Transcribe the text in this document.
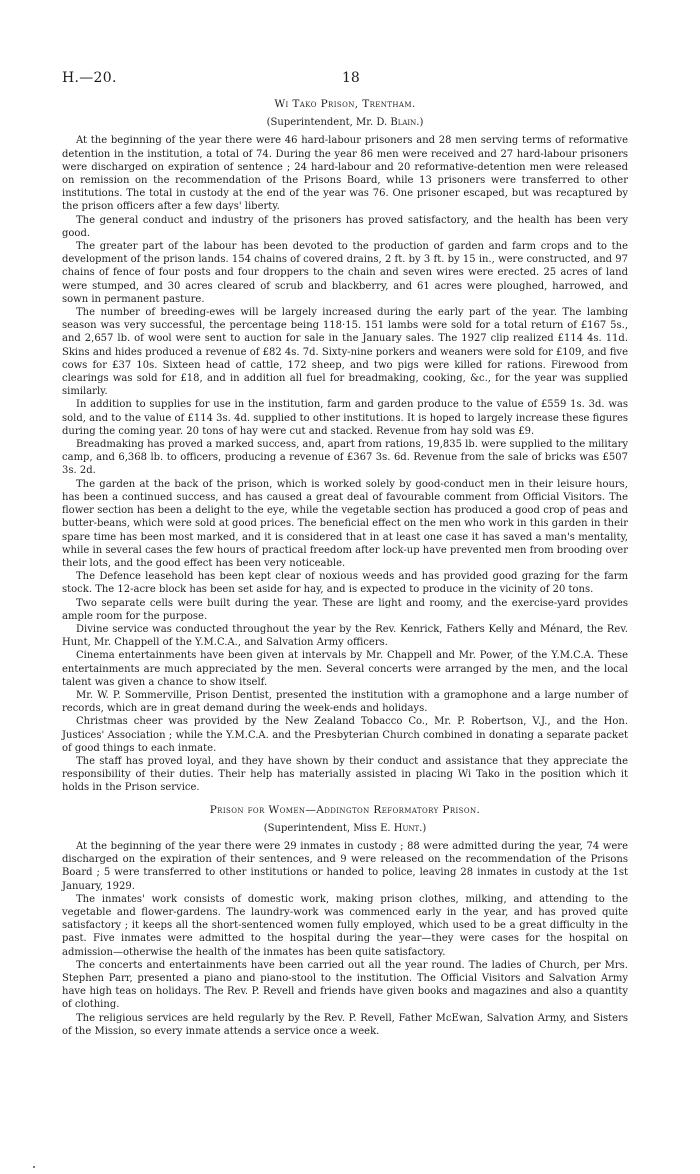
H.—20.	18
Wi Tako Prison, Trentham.
(Superintendent, Mr. D. Blain.)

At the beginning of the year there were 46 hard-labour prisoners and 28 men serving terms of reformative detention in the institution, a total of 74. During the year 86 men were received and 27 hard-labour prisoners were discharged on expiration of sentence ; 24 hard-labour and 20 reformative-detention men were released on remission on the recommendation of the Prisons Board, while 13 prisoners were transferred to other institutions. The total in custody at the end of the year was 76. One prisoner escaped, but was recaptured by the prison officers after a few days' liberty.

The general conduct and industry of the prisoners has proved satisfactory, and the health has been very good.

The greater part of the labour has been devoted to the production of garden and farm crops and to the development of the prison lands. 154 chains of covered drains, 2 ft. by 3 ft. by 15 in., were constructed, and 97 chains of fence of four posts and four droppers to the chain and seven wires were erected. 25 acres of land were stumped, and 30 acres cleared of scrub and blackberry, and 61 acres were ploughed, harrowed, and sown in permanent pasture.

The number of breeding-ewes will be largely increased during the early part of the year. The lambing season was very successful, the percentage being 118·15. 151 lambs were sold for a total return of £167 5s., and 2,657 lb. of wool were sent to auction for sale in the January sales. The 1927 clip realized £114 4s. 11d. Skins and hides produced a revenue of £82 4s. 7d. Sixty-nine porkers and weaners were sold for £109, and five cows for £37 10s. Sixteen head of cattle, 172 sheep, and two pigs were killed for rations. Firewood from clearings was sold for £18, and in addition all fuel for breadmaking, cooking, &c., for the year was supplied similarly.

In addition to supplies for use in the institution, farm and garden produce to the value of £559 1s. 3d. was sold, and to the value of £114 3s. 4d. supplied to other institutions. It is hoped to largely increase these figures during the coming year. 20 tons of hay were cut and stacked. Revenue from hay sold was £9.

Breadmaking has proved a marked success, and, apart from rations, 19,835 lb. were supplied to the military camp, and 6,368 lb. to officers, producing a revenue of £367 3s. 6d. Revenue from the sale of bricks was £507 3s. 2d.

The garden at the back of the prison, which is worked solely by good-conduct men in their leisure hours, has been a continued success, and has caused a great deal of favourable comment from Official Visitors. The flower section has been a delight to the eye, while the vegetable section has produced a good crop of peas and butter-beans, which were sold at good prices. The beneficial effect on the men who work in this garden in their spare time has been most marked, and it is considered that in at least one case it has saved a man's mentality, while in several cases the few hours of practical freedom after lock-up have prevented men from brooding over their lots, and the good effect has been very noticeable.

The Defence leasehold has been kept clear of noxious weeds and has provided good grazing for the farm stock. The 12-acre block has been set aside for hay, and is expected to produce in the vicinity of 20 tons.

Two separate cells were built during the year. These are light and roomy, and the exercise-yard provides ample room for the purpose.

Divine service was conducted throughout the year by the Rev. Kenrick, Fathers Kelly and Ménard, the Rev. Hunt, Mr. Chappell of the Y.M.C.A., and Salvation Army officers.

Cinema entertainments have been given at intervals by Mr. Chappell and Mr. Power, of the Y.M.C.A. These entertainments are much appreciated by the men. Several concerts were arranged by the men, and the local talent was given a chance to show itself.

Mr. W. P. Sommerville, Prison Dentist, presented the institution with a gramophone and a large number of records, which are in great demand during the week-ends and holidays.

Christmas cheer was provided by the New Zealand Tobacco Co., Mr. P. Robertson, V.J., and the Hon. Justices' Association ; while the Y.M.C.A. and the Presbyterian Church combined in donating a separate packet of good things to each inmate.

The staff has proved loyal, and they have shown by their conduct and assistance that they appreciate the responsibility of their duties. Their help has materially assisted in placing Wi Tako in the position which it holds in the Prison service.

Prison for Women—Addington Reformatory Prison.
(Superintendent, Miss E. Hunt.)

At the beginning of the year there were 29 inmates in custody ; 88 were admitted during the year, 74 were discharged on the expiration of their sentences, and 9 were released on the recommendation of the Prisons Board ; 5 were transferred to other institutions or handed to police, leaving 28 inmates in custody at the 1st January, 1929.

The inmates' work consists of domestic work, making prison clothes, milking, and attending to the vegetable and flower-gardens. The laundry-work was commenced early in the year, and has proved quite satisfactory ; it keeps all the short-sentenced women fully employed, which used to be a great difficulty in the past. Five inmates were admitted to the hospital during the year—they were cases for the hospital on admission—otherwise the health of the inmates has been quite satisfactory.

The concerts and entertainments have been carried out all the year round. The ladies of Church, per Mrs. Stephen Parr, presented a piano and piano-stool to the institution. The Official Visitors and Salvation Army have high teas on holidays. The Rev. P. Revell and friends have given books and magazines and also a quantity of clothing.

The religious services are held regularly by the Rev. P. Revell, Father McEwan, Salvation Army, and Sisters of the Mission, so every inmate attends a service once a week.
